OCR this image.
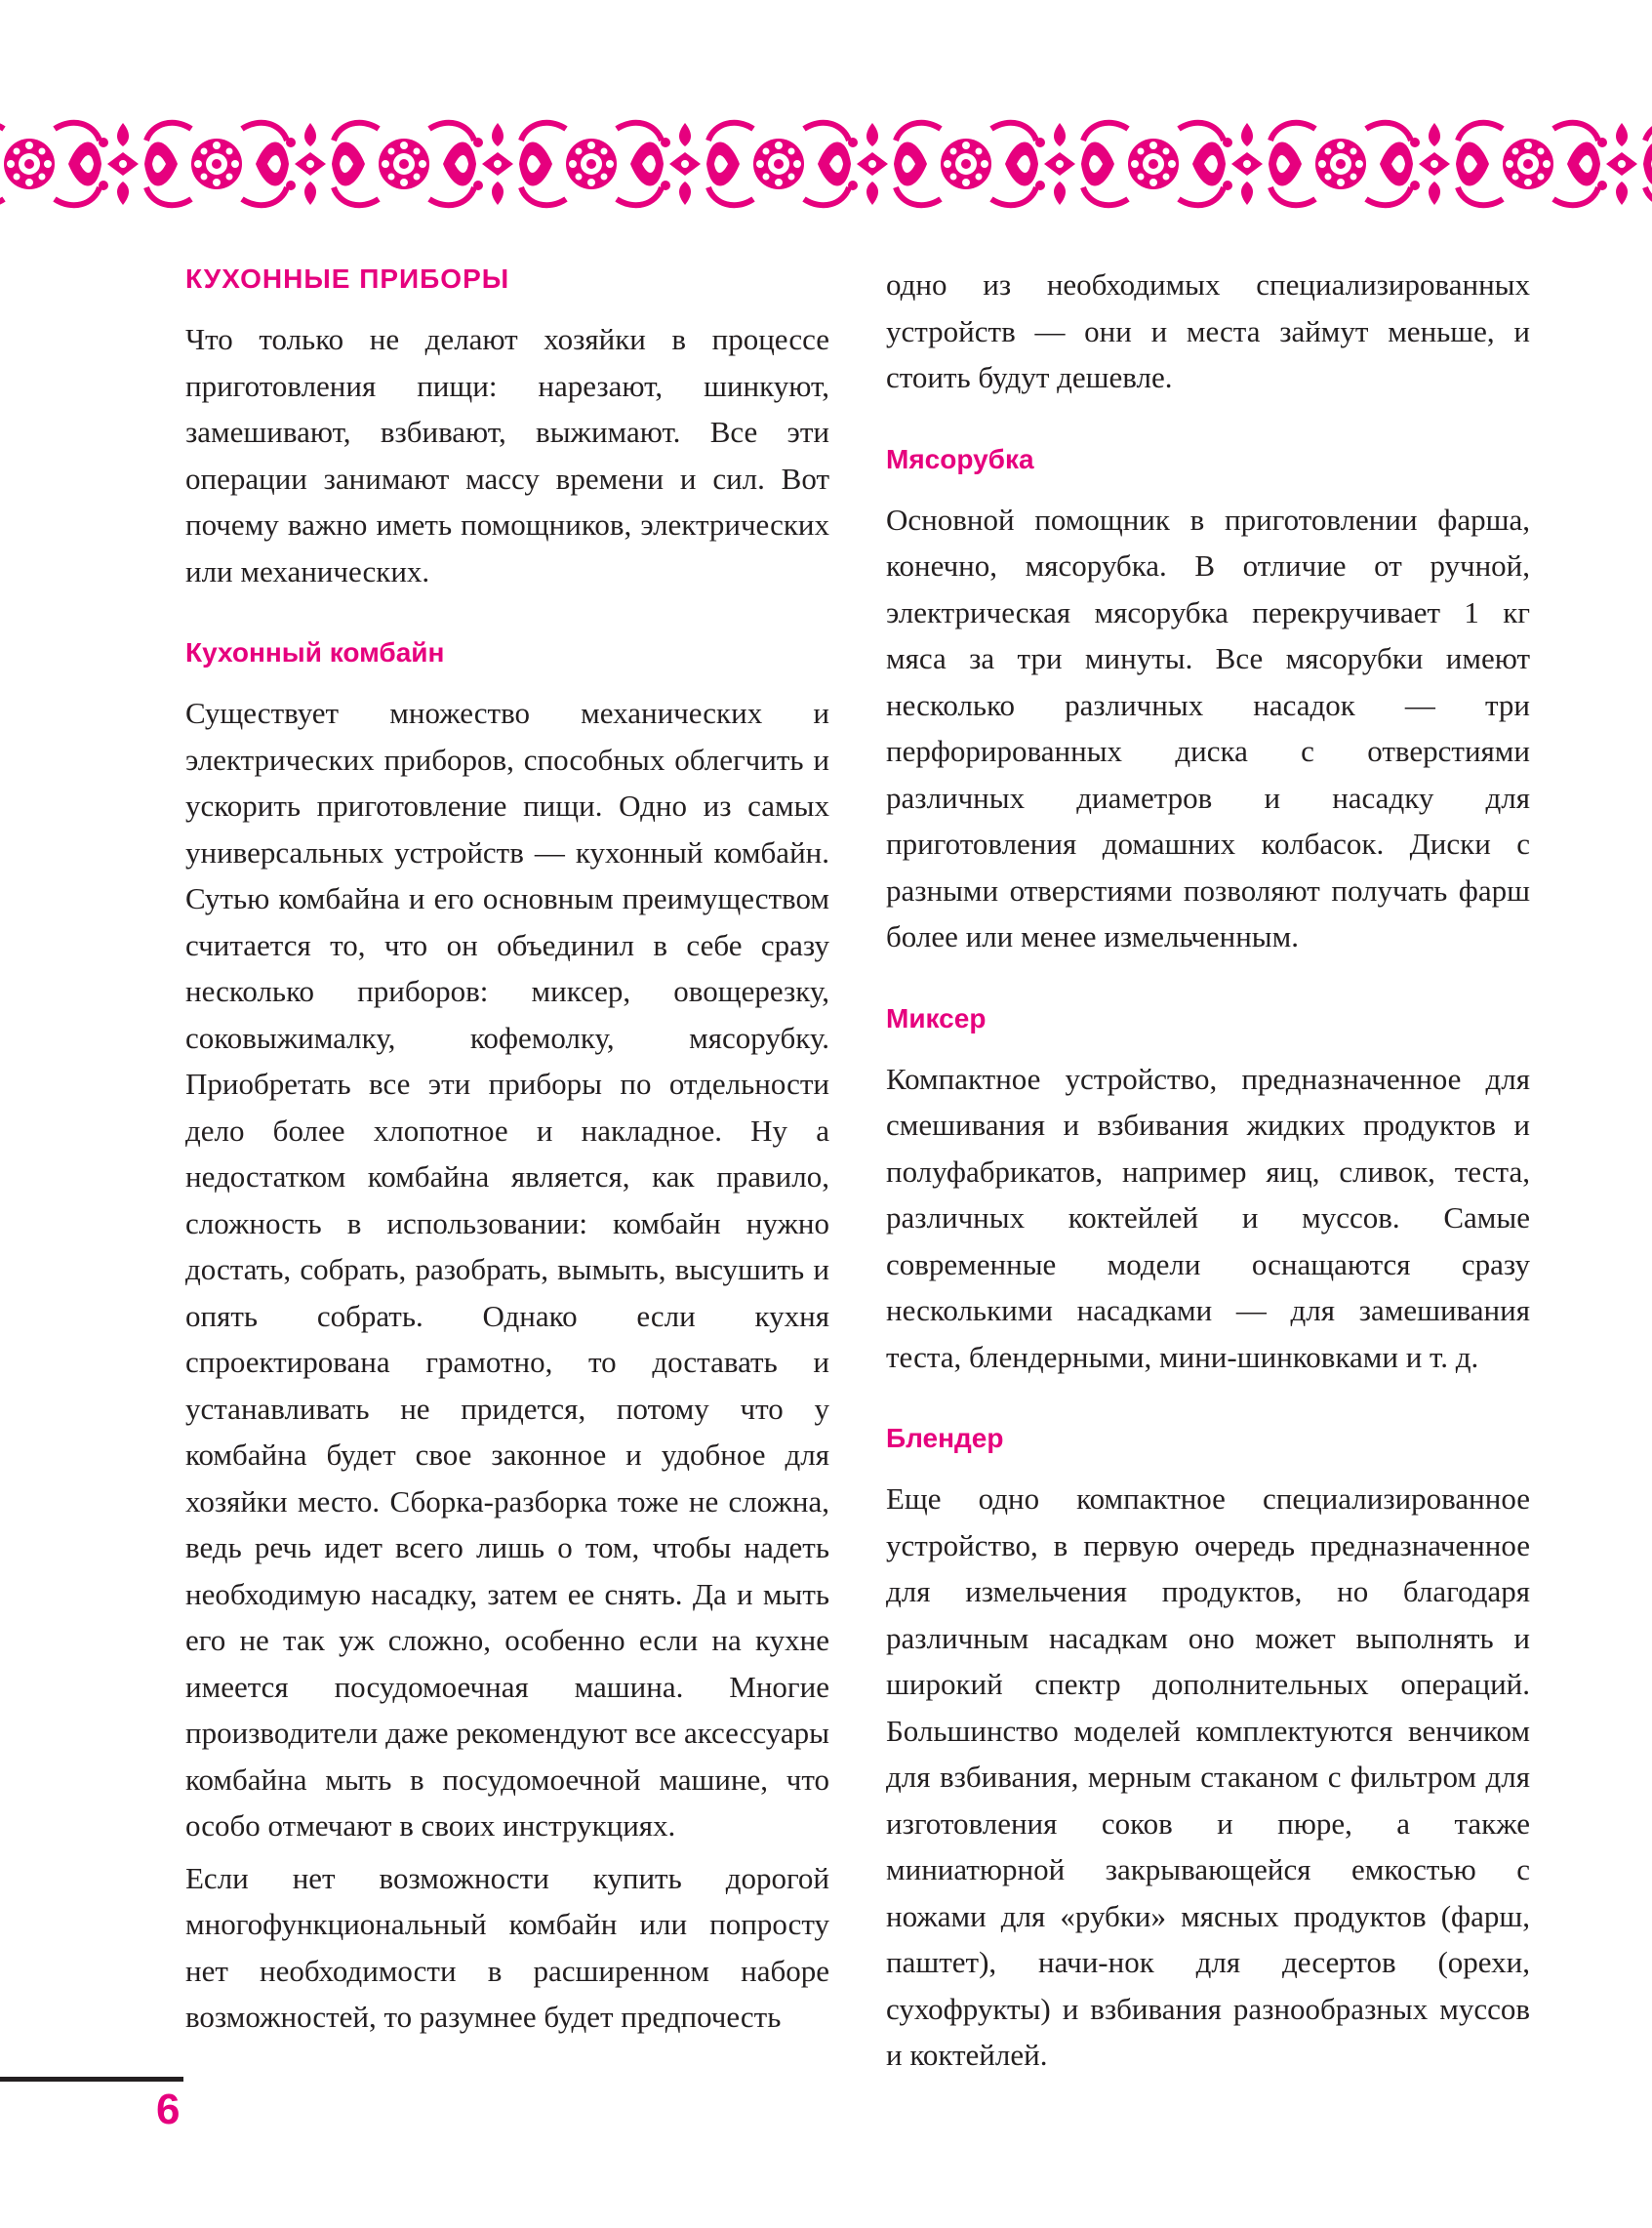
КУХОННЫЕ ПРИБОРЫ

Что только не делают хозяйки в процессе приготовления пищи: нарезают, шинкуют, замешивают, взбивают, выжимают. Все эти операции занимают массу времени и сил. Вот почему важно иметь помощников, электрических или механических.

Кухонный комбайн

Существует множество механических и электрических приборов, способных облегчить и ускорить приготовление пищи. Одно из самых универсальных устройств — кухонный комбайн. Сутью комбайна и его основным преимуществом считается то, что он объединил в себе сразу несколько приборов: миксер, овощерезку, соковыжималку, кофемолку, мясорубку. Приобретать все эти приборы по отдельности дело более хлопотное и накладное. Ну а недостатком комбайна является, как правило, сложность в использовании: комбайн нужно достать, собрать, разобрать, вымыть, высушить и опять собрать. Однако если кухня спроектирована грамотно, то доставать и устанавливать не придется, потому что у комбайна будет свое законное и удобное для хозяйки место. Сборка-разборка тоже не сложна, ведь речь идет всего лишь о том, чтобы надеть необходимую насадку, затем ее снять. Да и мыть его не так уж сложно, особенно если на кухне имеется посудомоечная машина. Многие производители даже рекомендуют все аксессуары комбайна мыть в посудомоечной машине, что особо отмечают в своих инструкциях.

Если нет возможности купить дорогой многофункциональный комбайн или попросту нет необходимости в расширенном наборе возможностей, то разумнее будет предпочесть

одно из необходимых специализированных устройств — они и места займут меньше, и стоить будут дешевле.

Мясорубка

Основной помощник в приготовлении фарша, конечно, мясорубка. В отличие от ручной, электрическая мясорубка перекручивает 1 кг мяса за три минуты. Все мясорубки имеют несколько различных насадок — три перфорированных диска с отверстиями различных диаметров и насадку для приготовления домашних колбасок. Диски с разными отверстиями позволяют получать фарш более или менее измельченным.

Миксер

Компактное устройство, предназначенное для смешивания и взбивания жидких продуктов и полуфабрикатов, например яиц, сливок, теста, различных коктейлей и муссов. Самые современные модели оснащаются сразу несколькими насадками — для замешивания теста, блендерными, мини-шинковками и т. д.

Блендер

Еще одно компактное специализированное устройство, в первую очередь предназначенное для измельчения продуктов, но благодаря различным насадкам оно может выполнять и широкий спектр дополнительных операций. Большинство моделей комплектуются венчиком для взбивания, мерным стаканом с фильтром для изготовления соков и пюре, а также миниатюрной закрывающейся емкостью с ножами для «рубки» мясных продуктов (фарш, паштет), начи-нок для десертов (орехи, сухофрукты) и взбивания разнообразных муссов и коктейлей.

6
